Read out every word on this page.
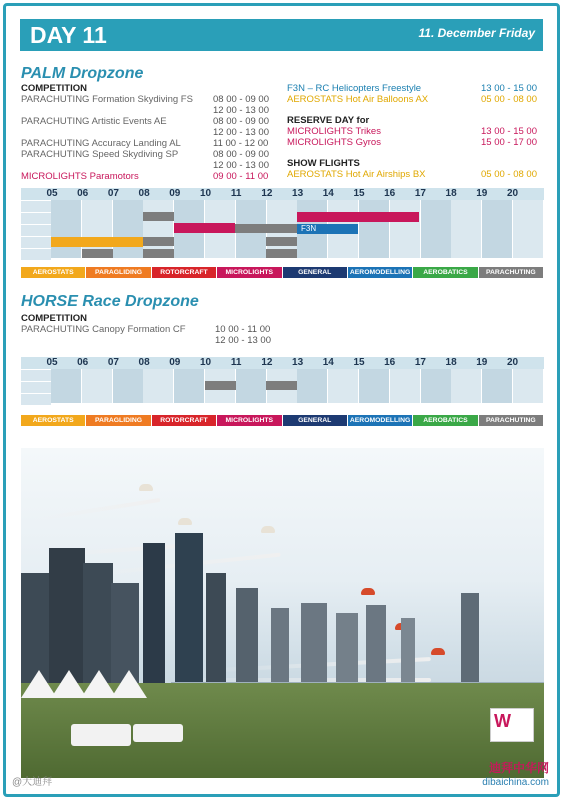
DAY 11	11. December Friday
PALM Dropzone
COMPETITION
PARACHUTING Formation Skydiving FS 08 00 - 09 00
12 00 - 13 00
PARACHUTING Artistic Events AE	08 00 - 09 00
12 00 - 13 00
PARACHUTING Accuracy Landing AL	11 00 - 12 00
PARACHUTING Speed Skydiving SP	08 00 - 09 00
12 00 - 13 00
MICROLIGHTS Paramotors	09 00 - 11 00
F3N – RC Helicopters Freestyle	13 00 - 15 00
AEROSTATS Hot Air Balloons AX	05 00 - 08 00
RESERVE DAY for
MICROLIGHTS Trikes	13 00 - 15 00
MICROLIGHTS Gyros	15 00 - 17 00
SHOW FLIGHTS
AEROSTATS Hot Air Airships BX	05 00 - 08 00
05	06	07	08	09	10	11	12	13	14	15	16	17	18	19	20
F3N
AEROSTATS	PARAGLIDING	ROTORCRAFT	MICROLIGHTS	GENERAL AVIATION
AEROMODELLING	AEROBATICS	PARACHUTING
HORSE Race Dropzone
COMPETITION
PARACHUTING Canopy Formation CF	10 00 - 11 00
12 00 - 13 00
05	06	07	08	09	10	11	12	13	14	15	16	17	18	19	20
AEROSTATS	PARAGLIDING	ROTORCRAFT	MICROLIGHTS	GENERAL AVIATION
AEROMODELLING	AEROBATICS	PARACHUTING
W
@大迪拜
迪拜中华网
dibaichina.com
